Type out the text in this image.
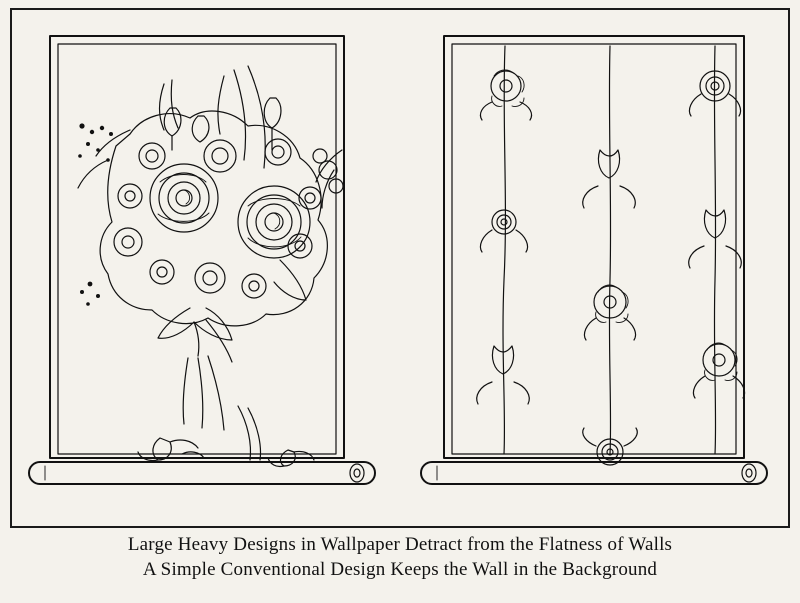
Large Heavy Designs in Wallpaper Detract from the Flatness of Walls
A Simple Conventional Design Keeps the Wall in the Background
